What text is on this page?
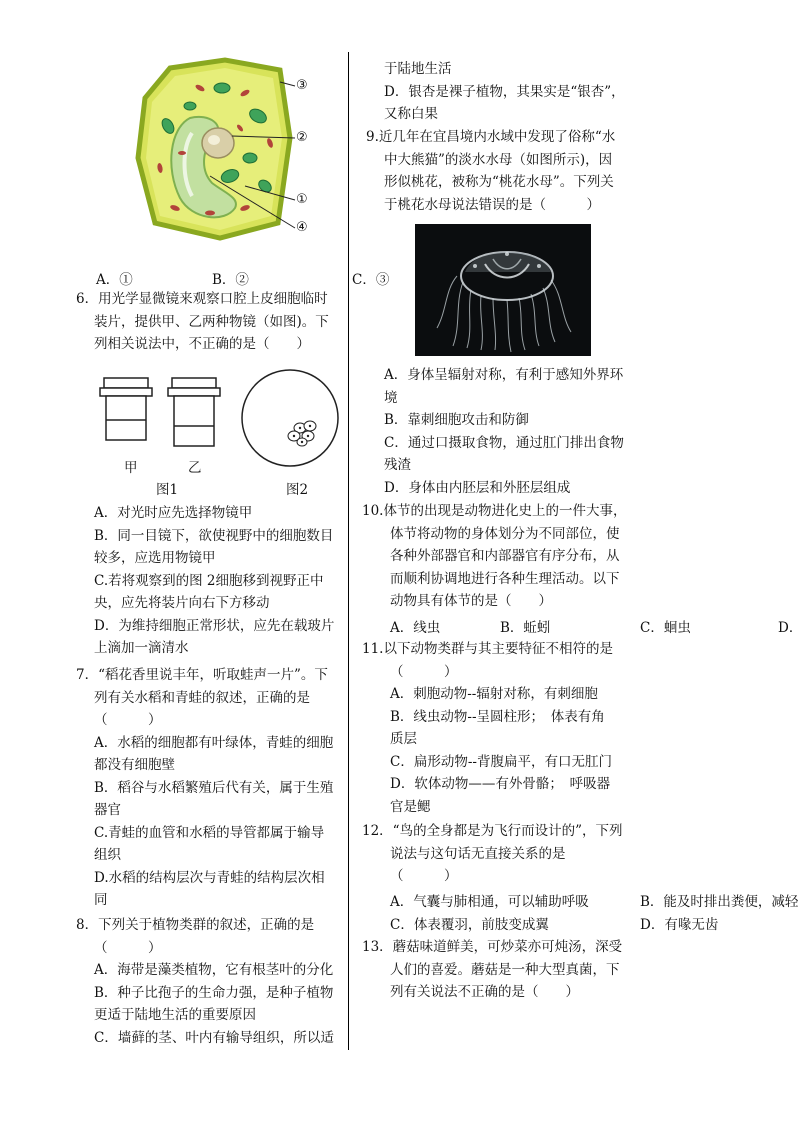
③
②
①
④
A．①	B．②	C．③
6．用光学显微镜来观察口腔上皮细胞临时
装片，提供甲、乙两种物镜（如图)。下
列相关说法中，不正确的是（　　）
甲	乙
图1	图2
A．对光时应先选择物镜甲
B．同一目镜下，欲使视野中的细胞数目
较多，应选用物镜甲
C.若将观察到的图 2细胞移到视野正中
央，应先将装片向右下方移动
D．为维持细胞正常形状，应先在载玻片
上滴加一滴清水
7．“稻花香里说丰年，听取蛙声一片”。下
列有关水稻和青蛙的叙述，正确的是
（　　　）
A．水稻的细胞都有叶绿体，青蛙的细胞
都没有细胞壁
B．稻谷与水稻繁殖后代有关，属于生殖
器官
C.青蛙的血管和水稻的导管都属于输导
组织
D.水稻的结构层次与青蛙的结构层次相
同
8．下列关于植物类群的叙述，正确的是
（　　　）
A．海带是藻类植物，它有根茎叶的分化
B．种子比孢子的生命力强，是种子植物
更适于陆地生活的重要原因
C．墙藓的茎、叶内有输导组织，所以适
于陆地生活
D．银杏是裸子植物，其果实是“银杏”，
又称白果
9.近几年在宜昌境内水域中发现了俗称“水
中大熊猫”的淡水水母（如图所示)，因
形似桃花，被称为“桃花水母”。下列关
于桃花水母说法错误的是（　　　）
A．身体呈辐射对称，有利于感知外界环
境
B．靠刺细胞攻击和防御
C．通过口摄取食物，通过肛门排出食物
残渣
D．身体由内胚层和外胚层组成
10.体节的出现是动物进化史上的一件大事，
体节将动物的身体划分为不同部位，使
各种外部器官和内部器官有序分布，从
而顺利协调地进行各种生理活动。以下
动物具有体节的是（　　）
A．线虫	B．蚯蚓	C．蛔虫	D．
11.以下动物类群与其主要特征不相符的是
（　　　）
A．刺胞动物--辐射对称，有刺细胞
B．线虫动物--呈圆柱形；　体表有角
质层
C．扁形动物--背腹扁平，有口无肛门
D．软体动物——有外骨骼；　呼吸器
官是鳃
12．“鸟的全身都是为飞行而设计的”，下列
说法与这句话无直接关系的是
（　　　）
A．气囊与肺相通，可以辅助呼吸	B．能及时排出粪便，减轻
C．体表覆羽，前肢变成翼	D．有喙无齿
13．蘑菇味道鲜美，可炒菜亦可炖汤，深受
人们的喜爱。蘑菇是一种大型真菌，下
列有关说法不正确的是（　　）
